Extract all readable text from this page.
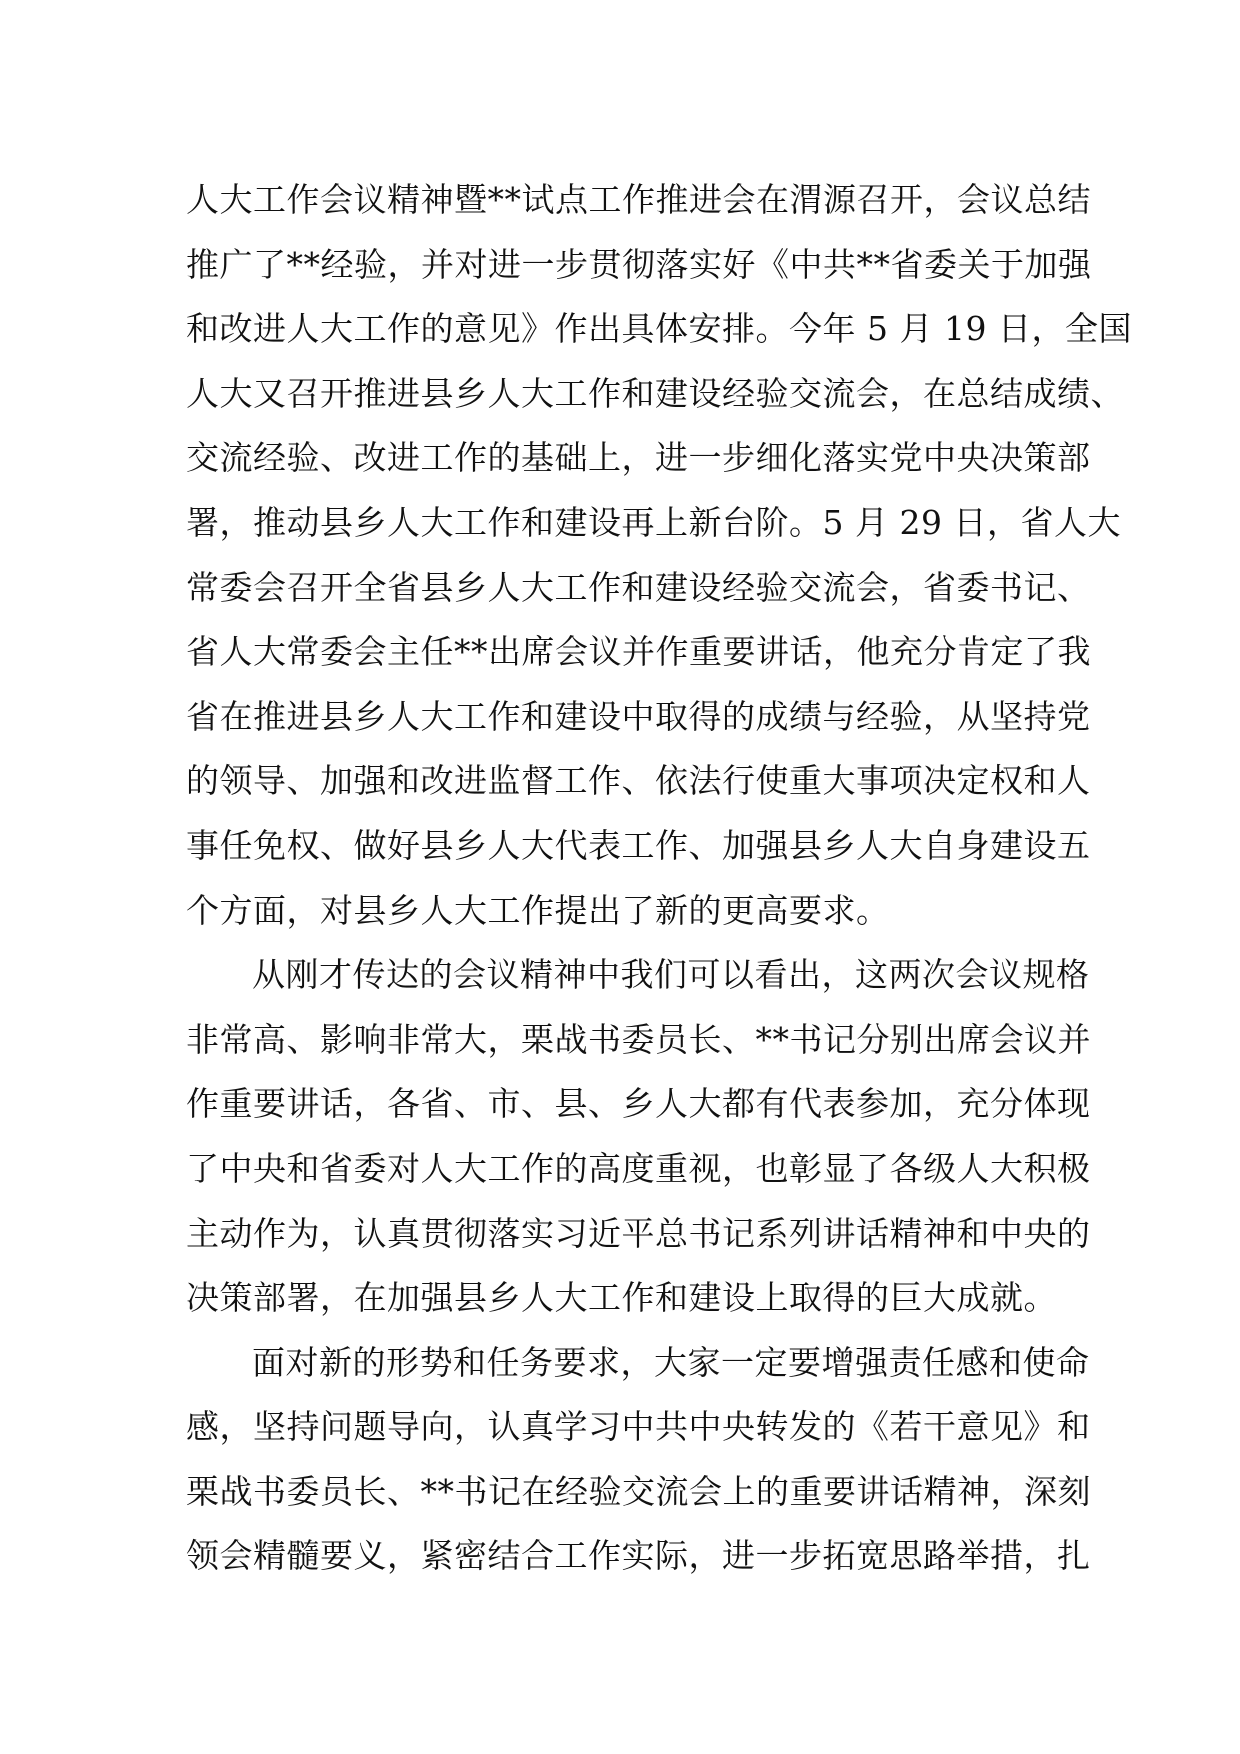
人大工作会议精神暨**试点工作推进会在渭源召开，会议总结
推广了**经验，并对进一步贯彻落实好《中共**省委关于加强
和改进人大工作的意见》作出具体安排。今年 5 月 19 日，全国
人大又召开推进县乡人大工作和建设经验交流会，在总结成绩、
交流经验、改进工作的基础上，进一步细化落实党中央决策部
署，推动县乡人大工作和建设再上新台阶。5 月 29 日，省人大
常委会召开全省县乡人大工作和建设经验交流会，省委书记、
省人大常委会主任**出席会议并作重要讲话，他充分肯定了我
省在推进县乡人大工作和建设中取得的成绩与经验，从坚持党
的领导、加强和改进监督工作、依法行使重大事项决定权和人
事任免权、做好县乡人大代表工作、加强县乡人大自身建设五
个方面，对县乡人大工作提出了新的更高要求。
从刚才传达的会议精神中我们可以看出，这两次会议规格
非常高、影响非常大，栗战书委员长、**书记分别出席会议并
作重要讲话，各省、市、县、乡人大都有代表参加，充分体现
了中央和省委对人大工作的高度重视，也彰显了各级人大积极
主动作为，认真贯彻落实习近平总书记系列讲话精神和中央的
决策部署，在加强县乡人大工作和建设上取得的巨大成就。
面对新的形势和任务要求，大家一定要增强责任感和使命
感，坚持问题导向，认真学习中共中央转发的《若干意见》和
栗战书委员长、**书记在经验交流会上的重要讲话精神，深刻
领会精髓要义，紧密结合工作实际，进一步拓宽思路举措，扎
